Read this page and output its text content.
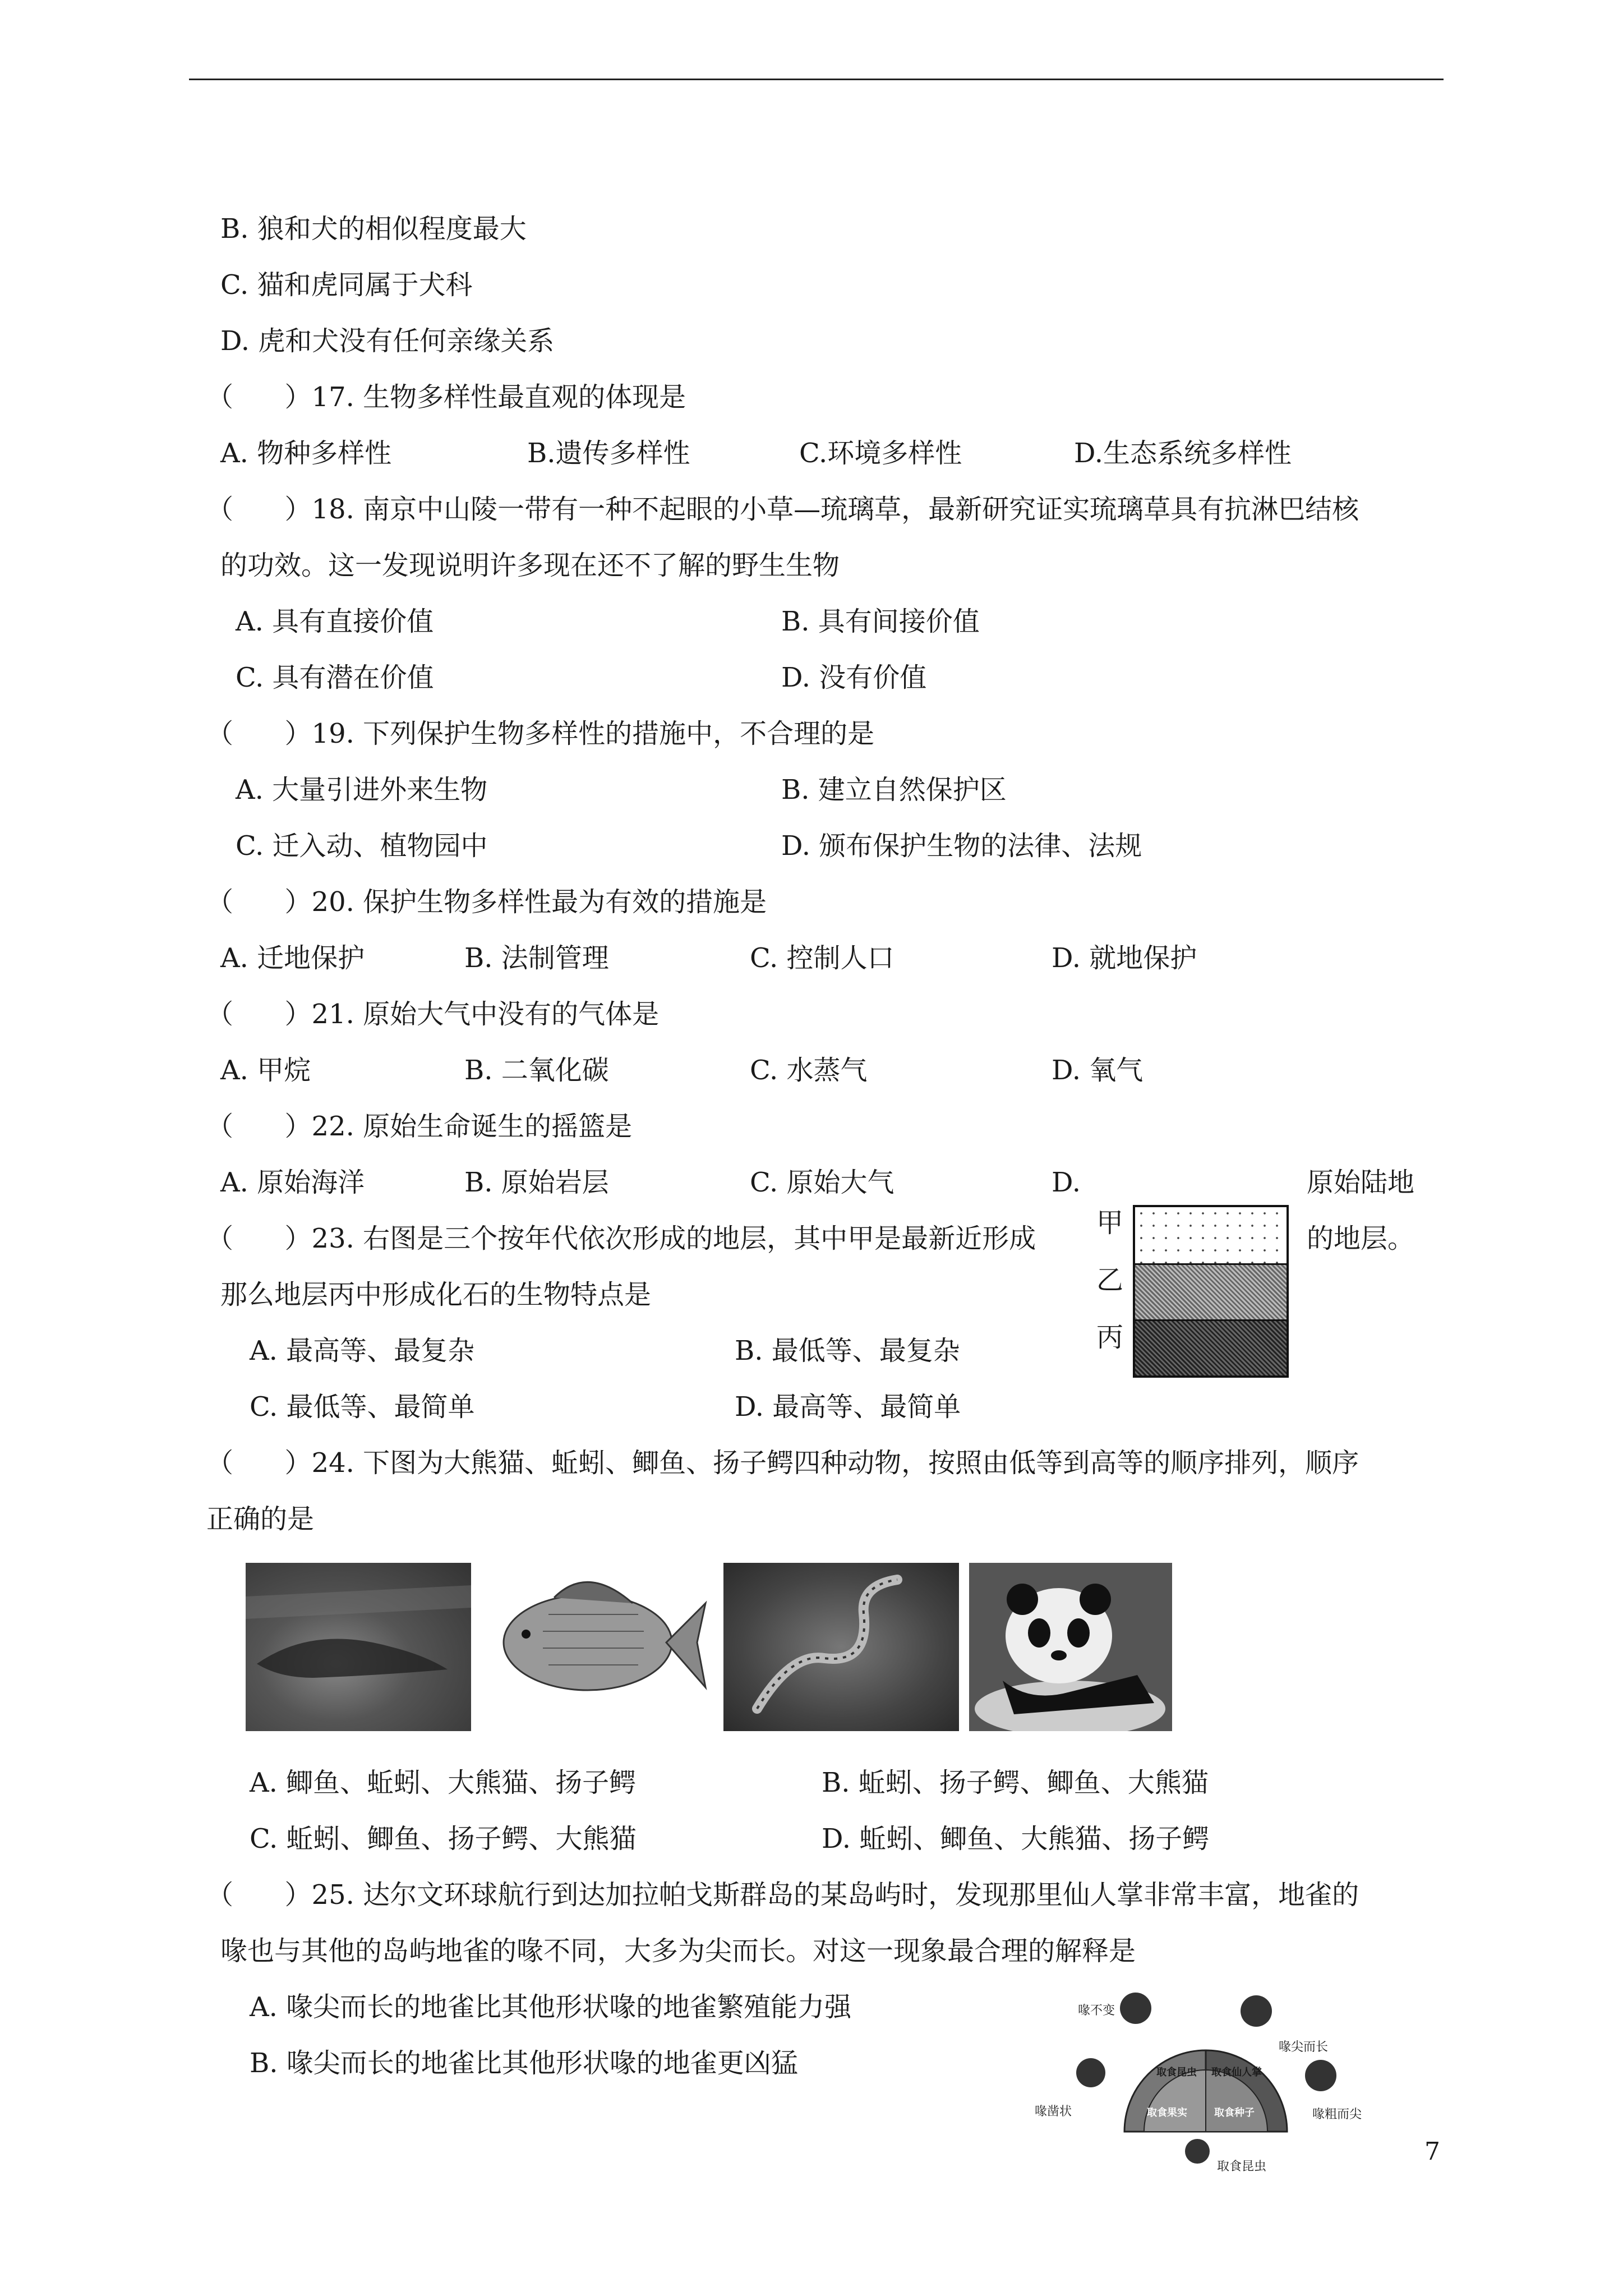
B. 狼和犬的相似程度最大
C. 猫和虎同属于犬科
D. 虎和犬没有任何亲缘关系
（      ）17. 生物多样性最直观的体现是
A. 物种多样性	B.遗传多样性	C.环境多样性	D.生态系统多样性
（      ）18. 南京中山陵一带有一种不起眼的小草—琉璃草，最新研究证实琉璃草具有抗淋巴结核
的功效。这一发现说明许多现在还不了解的野生生物
A. 具有直接价值	B. 具有间接价值
C. 具有潜在价值	D. 没有价值
（      ）19. 下列保护生物多样性的措施中，不合理的是
A. 大量引进外来生物	B. 建立自然保护区
C. 迁入动、植物园中	D. 颁布保护生物的法律、法规
（      ）20. 保护生物多样性最为有效的措施是
A. 迁地保护	B. 法制管理	C. 控制人口	D. 就地保护
（      ）21. 原始大气中没有的气体是
A. 甲烷	B. 二氧化碳	C. 水蒸气	D. 氧气
（      ）22. 原始生命诞生的摇篮是
A. 原始海洋	B. 原始岩层	C. 原始大气	D.	原始陆地
（      ）23. 右图是三个按年代依次形成的地层，其中甲是最新近形成	的地层。
那么地层丙中形成化石的生物特点是
A. 最高等、最复杂	B. 最低等、最复杂
C. 最低等、最简单	D. 最高等、最简单
甲
乙
丙
（      ）24. 下图为大熊猫、蚯蚓、鲫鱼、扬子鳄四种动物，按照由低等到高等的顺序排列，顺序
正确的是
A. 鲫鱼、蚯蚓、大熊猫、扬子鳄	B. 蚯蚓、扬子鳄、鲫鱼、大熊猫
C. 蚯蚓、鲫鱼、扬子鳄、大熊猫	D. 蚯蚓、鲫鱼、大熊猫、扬子鳄
（      ）25. 达尔文环球航行到达加拉帕戈斯群岛的某岛屿时，发现那里仙人掌非常丰富，地雀的
喙也与其他的岛屿地雀的喙不同，大多为尖而长。对这一现象最合理的解释是
A. 喙尖而长的地雀比其他形状喙的地雀繁殖能力强
B. 喙尖而长的地雀比其他形状喙的地雀更凶猛
喙不变
喙尖而长
喙凿状	喙粗而尖
取食昆虫
取食昆虫 取食仙人掌
取食果实	取食种子
7
